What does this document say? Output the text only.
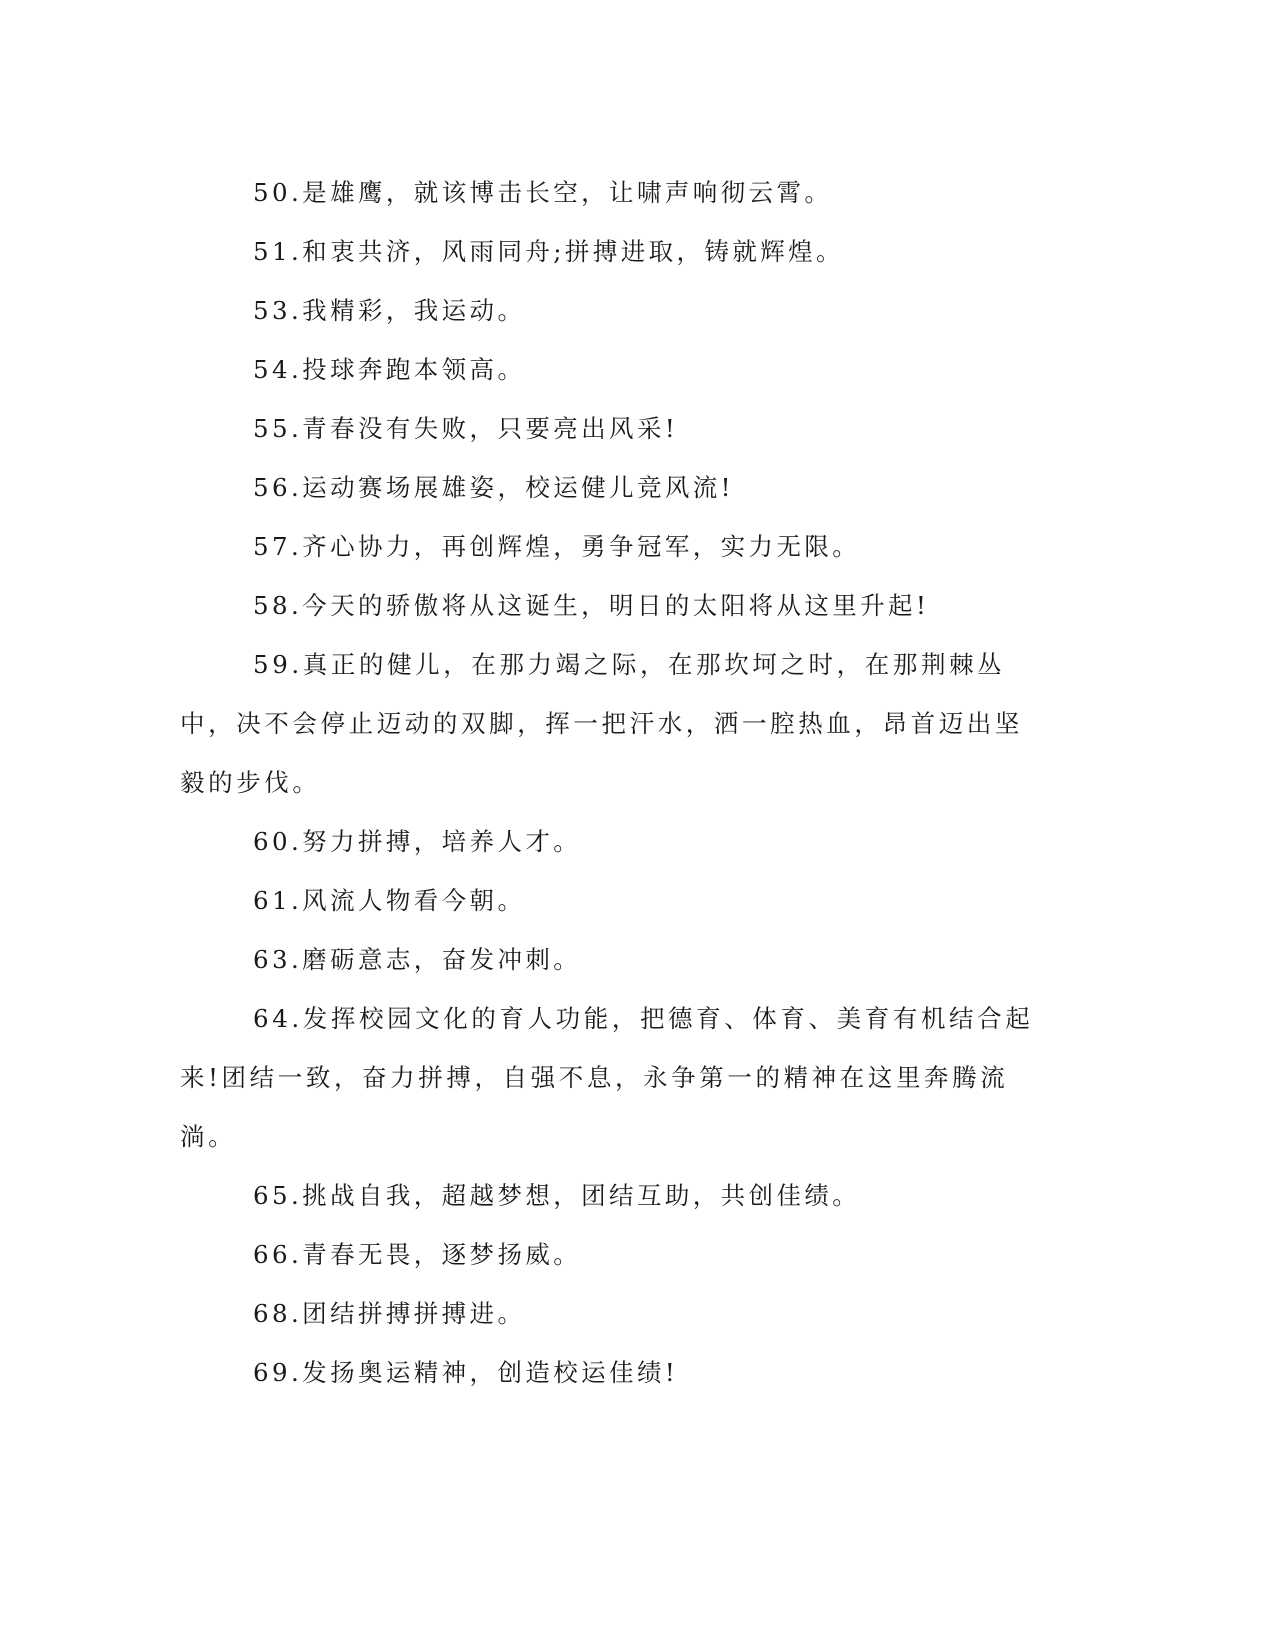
50.是雄鹰，就该博击长空，让啸声响彻云霄。

51.和衷共济，风雨同舟;拼搏进取，铸就辉煌。

53.我精彩，我运动。

54.投球奔跑本领高。

55.青春没有失败，只要亮出风采!

56.运动赛场展雄姿，校运健儿竞风流!

57.齐心协力，再创辉煌，勇争冠军，实力无限。

58.今天的骄傲将从这诞生，明日的太阳将从这里升起!

59.真正的健儿，在那力竭之际，在那坎坷之时，在那荆棘丛中，决不会停止迈动的双脚，挥一把汗水，洒一腔热血，昂首迈出坚毅的步伐。

60.努力拼搏，培养人才。

61.风流人物看今朝。

63.磨砺意志，奋发冲刺。

64.发挥校园文化的育人功能，把德育、体育、美育有机结合起来!团结一致，奋力拼搏，自强不息，永争第一的精神在这里奔腾流淌。

65.挑战自我，超越梦想，团结互助，共创佳绩。

66.青春无畏，逐梦扬威。

68.团结拼搏拼搏进。

69.发扬奥运精神，创造校运佳绩!
